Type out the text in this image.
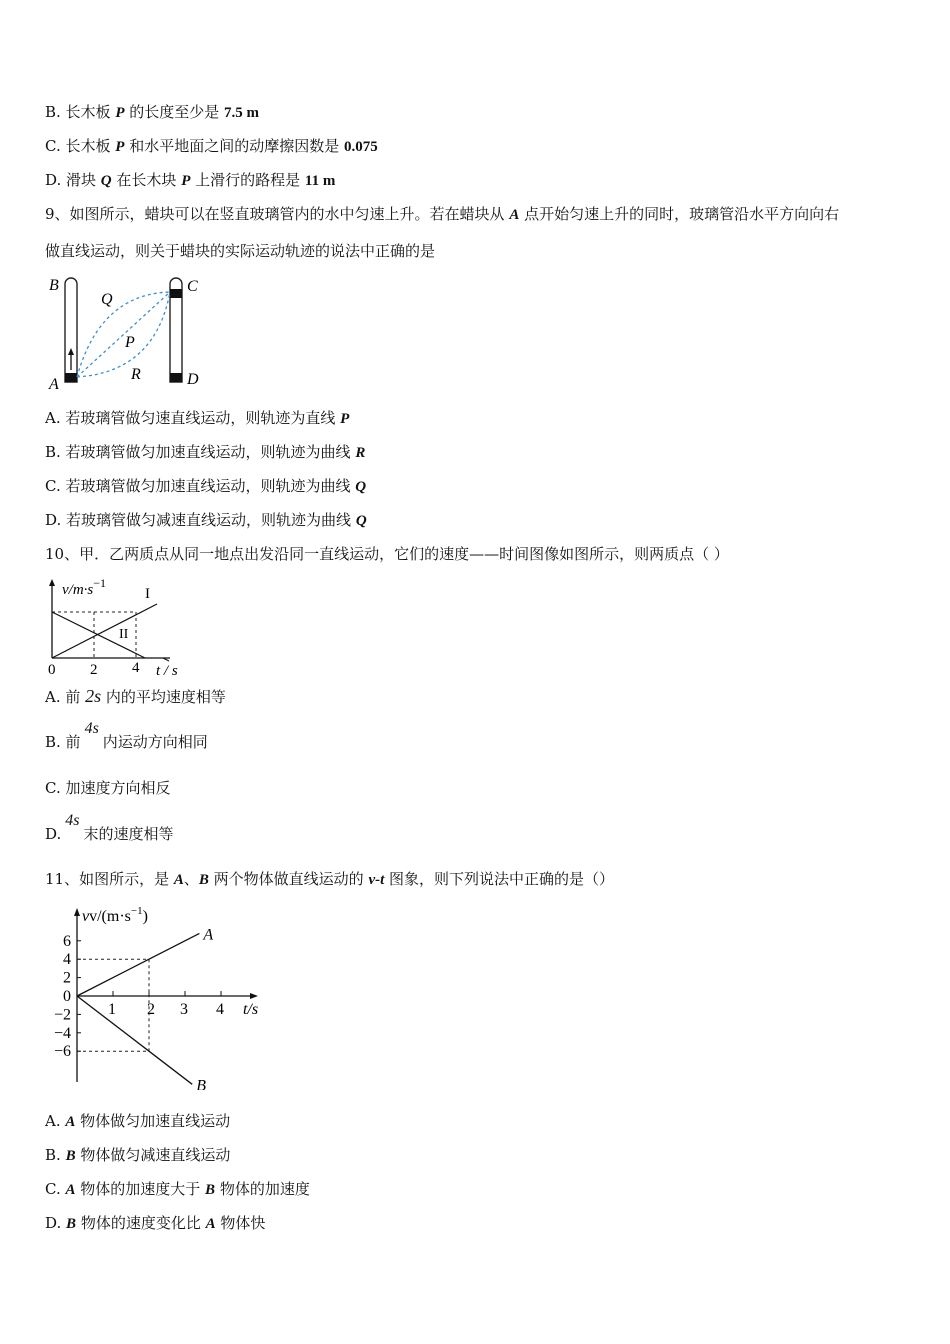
B. 长木板 P 的长度至少是 7.5 m
C. 长木板 P 和水平地面之间的动摩擦因数是 0.075
D. 滑块 Q 在长木块 P 上滑行的路程是 11 m
9、如图所示，蜡块可以在竖直玻璃管内的水中匀速上升。若在蜡块从 A 点开始匀速上升的同时，玻璃管沿水平方向向右
做直线运动，则关于蜡块的实际运动轨迹的说法中正确的是
B
A
C
D
Q
P
R
A. 若玻璃管做匀速直线运动，则轨迹为直线 P
B. 若玻璃管做匀加速直线运动，则轨迹为曲线 R
C. 若玻璃管做匀加速直线运动，则轨迹为曲线 Q
D. 若玻璃管做匀减速直线运动，则轨迹为曲线 Q
10、甲．乙两质点从同一地点出发沿同一直线运动，它们的速度——时间图像如图所示，则两质点（ ）
$v/m\cdot s^{-1}$
I
II
0 2 4 t / s
A. 前 2s 内的平均速度相等
B. 前4s内运动方向相同
C. 加速度方向相反
D.4s末的速度相等
11、如图所示，是 A、B 两个物体做直线运动的 v-t 图象，则下列说法中正确的是（）
$vv/(m\cdot s^{-1})$
6
4
2
0
−2
−4
−6
1 2 3 4
A
B
t/s
A. A 物体做匀加速直线运动
B. B 物体做匀减速直线运动
C. A 物体的加速度大于 B 物体的加速度
D. B 物体的速度变化比 A 物体快
